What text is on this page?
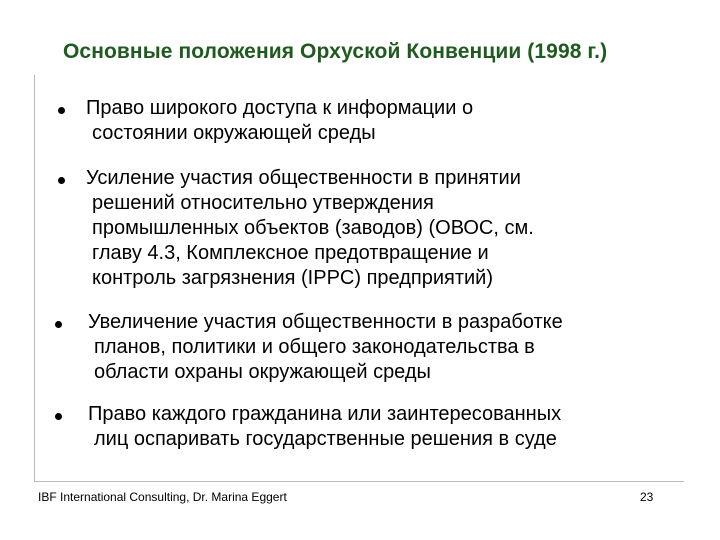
Основные положения Орхуской Конвенции (1998 г.)
Право широкого доступа к информации о
состоянии окружающей среды
Усиление участия общественности в принятии
решений относительно утверждения
промышленных объектов (заводов) (ОВОС, см.
главу 4.3, Комплексное предотвращение и
контроль загрязнения (IPPC) предприятий)
Увеличение участия общественности в разработке
планов, политики и общего законодательства в
области охраны окружающей среды
Право каждого гражданина или заинтересованных
лиц оспаривать государственные решения в суде
IBF International Consulting, Dr. Marina Eggert	23
